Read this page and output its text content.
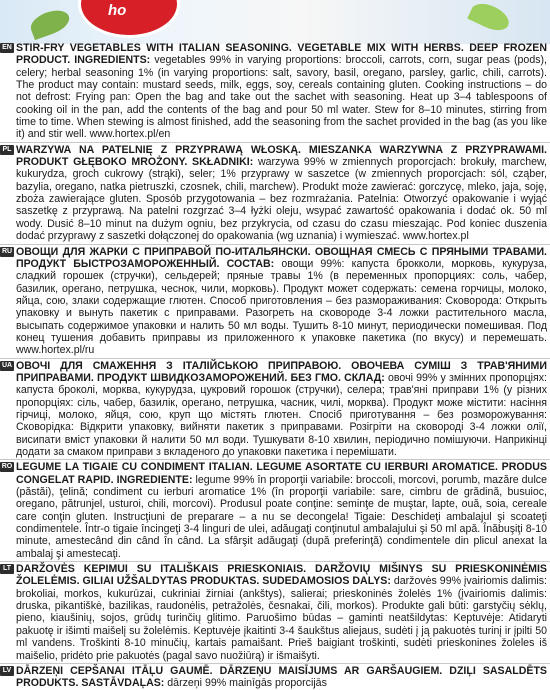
ho
EN STIR-FRY VEGETABLES WITH ITALIAN SEASONING. VEGETABLE MIX WITH HERBS. DEEP FROZEN PRODUCT. INGREDIENTS: vegetables 99% in varying proportions: broccoli, carrots, corn, sugar peas (pods), celery; herbal seasoning 1% (in varying proportions: salt, savory, basil, oregano, parsley, garlic, chili, carrots). The product may contain: mustard seeds, milk, eggs, soy, cereals containing gluten. Cooking instructions – do not defrost: Frying pan: Open the bag and take out the sachet with seasoning. Heat up 3–4 tablespoons of cooking oil in the pan, add the contents of the bag and pour 50 ml water. Stew for 8–10 minutes, stirring from time to time. When stewing is almost finished, add the seasoning from the sachet provided in the bag (as you like it) and stir well. www.hortex.pl/en
PL WARZYWA NA PATELNIĘ Z PRZYPRAWĄ WŁOSKĄ. MIESZANKA WARZYWNA Z PRZYPRAWAMI. PRODUKT GŁĘBOKO MROŻONY. SKŁADNIKI: warzywa 99% w zmiennych proporcjach: brokuły, marchew, kukurydza, groch cukrowy (strąki), seler; 1% przyprawy w saszetce (w zmiennych proporcjach: sól, cząber, bazylia, oregano, natka pietruszki, czosnek, chili, marchew). Produkt może zawierać: gorczycę, mleko, jaja, soję, zboża zawierające gluten. Sposób przygotowania – bez rozmrażania. Patelnia: Otworzyć opakowanie i wyjąć saszetkę z przyprawą. Na patelni rozgrzać 3–4 łyżki oleju, wsypać zawartość opakowania i dodać ok. 50 ml wody. Dusić 8–10 minut na dużym ogniu, bez przykrycia, od czasu do czasu mieszając. Pod koniec duszenia dodać przyprawy z saszetki dołączonej do opakowania (wg uznania) i wymieszać. www.hortex.pl
RU ОВОЩИ ДЛЯ ЖАРКИ С ПРИПРАВОЙ ПО-ИТАЛЬЯНСКИ. ОВОЩНАЯ СМЕСЬ С ПРЯНЫМИ ТРАВАМИ. ПРОДУКТ БЫСТРОЗАМОРОЖЕННЫЙ. СОСТАВ: овощи 99%: капуста брокколи, морковь, кукуруза, сладкий горошек (стручки), сельдерей; пряные травы 1% (в переменных пропорциях: соль, чабер, базилик, орегано, петрушка, чеснок, чили, морковь). Продукт может содержать: семена горчицы, молоко, яйца, сою, злаки содержащие глютен. Способ приготовления – без размораживания: Сковорода: Открыть упаковку и вынуть пакетик с приправами. Разогреть на сковороде 3-4 ложки растительного масла, высыпать содержимое упаковки и налить 50 мл воды. Тушить 8-10 минут, периодически помешивая. Под конец тушения добавить приправы из приложенного к упаковке пакетика (по вкусу) и перемешать. www.hortex.pl/ru
UA ОВОЧІ ДЛЯ СМАЖЕННЯ З ІТАЛІЙСЬКОЮ ПРИПРАВОЮ. ОВОЧЕВА СУМІШ З ТРАВ'ЯНИМИ ПРИПРАВАМИ. ПРОДУКТ ШВИДКОЗАМОРОЖЕНИЙ. БЕЗ ГМО. СКЛАД: овочі 99% у змінних пропорціях: капуста броколі, морква, кукурудза, цукровий горошок (стручки), селера; трав'яні приправи 1% (у різних пропорціях: сіль, чабер, базилік, орегано, петрушка, часник, чилі, морква). Продукт може містити: насіння гірчиці, молоко, яйця, сою, круп що містять глютен. Спосіб приготування – без розморожування: Сковорідка: Відкрити упаковку, вийняти пакетик з приправами. Розігріти на сковороді 3-4 ложки олії, висипати вміст упаковки й налити 50 мл води. Тушкувати 8-10 хвилин, періодично помішуючи. Наприкінці додати за смаком приправи з вкладеного до упаковки пакетика і перемішати.
RO LEGUME LA TIGAIE CU CONDIMENT ITALIAN. LEGUME ASORTATE CU IERBURI AROMATICE. PRODUS CONGELAT RAPID. INGREDIENTE: legume 99% în proporţii variabile: broccoli, morcovi, porumb, mazăre dulce (păstăi), ţelină; condiment cu ierburi aromatice 1% (în proporţii variabile: sare, cimbru de grădină, busuioc, oregano, pătrunjel, usturoi, chili, morcovi). Produsul poate conţine: seminţe de muştar, lapte, ouă, soia, cereale care conţin gluten. Instrucţiuni de preparare – a nu se decongela! Tigaie: Deschideţi ambalajul şi scoateţi condimentele. Într-o tigaie încingeţi 3-4 linguri de ulei, adăugaţi conţinutul ambalajului şi 50 ml apă. Înăbuşiţi 8-10 minute, amestecând din când în când. La sfârşit adăugaţi (după preferinţă) condimentele din plicul anexat la ambalaj şi amestecaţi.
LT DARŽOVĖS KEPIMUI SU ITALIŠKAIS PRIESKONIAIS. DARŽOVIŲ MIŠINYS SU PRIESKONINĖMIS ŽOLELĖMIS. GILIAI UŽŠALDYTAS PRODUKTAS. SUDEDAMOSIOS DALYS: daržovės 99% įvairiomis dalimis: brokoliai, morkos, kukurūzai, cukriniai žirniai (ankštys), salierai; prieskoninės žolelės 1% (įvairiomis dalimis: druska, pikantiškė, bazilikas, raudonėlis, petražolės, česnakai, čili, morkos). Produkte gali būti: garstyčių sėklų, pieno, kiaušinių, sojos, grūdų turinčių glitimo. Paruošimo būdas – gaminti neatšildytas: Keptuvėje: Atidaryti pakuotę ir išimti maišelį su žolelėmis. Keptuvėje įkaitinti 3-4 šaukštus aliejaus, sudėti į ją pakuotės turinį ir įpilti 50 ml vandens. Troškinti 8-10 minučių, kartais pamaišant. Prieš baigiant troškinti, sudėti prieskonines žoleles iš maišelio, pridėto prie pakuotės (pagal savo nuožiūrą) ir išmaišyti.
LV DĀRZEŅI CEPŠANAI ITĀĻU GAUMĒ. DĀRZEŅU MAISĪJUMS AR GARŠAUGIEM. DZIĻI SASALDĒTS PRODUKTS. SASTĀVDAĻAS: dārzeņi 99% mainīgās proporcijās
